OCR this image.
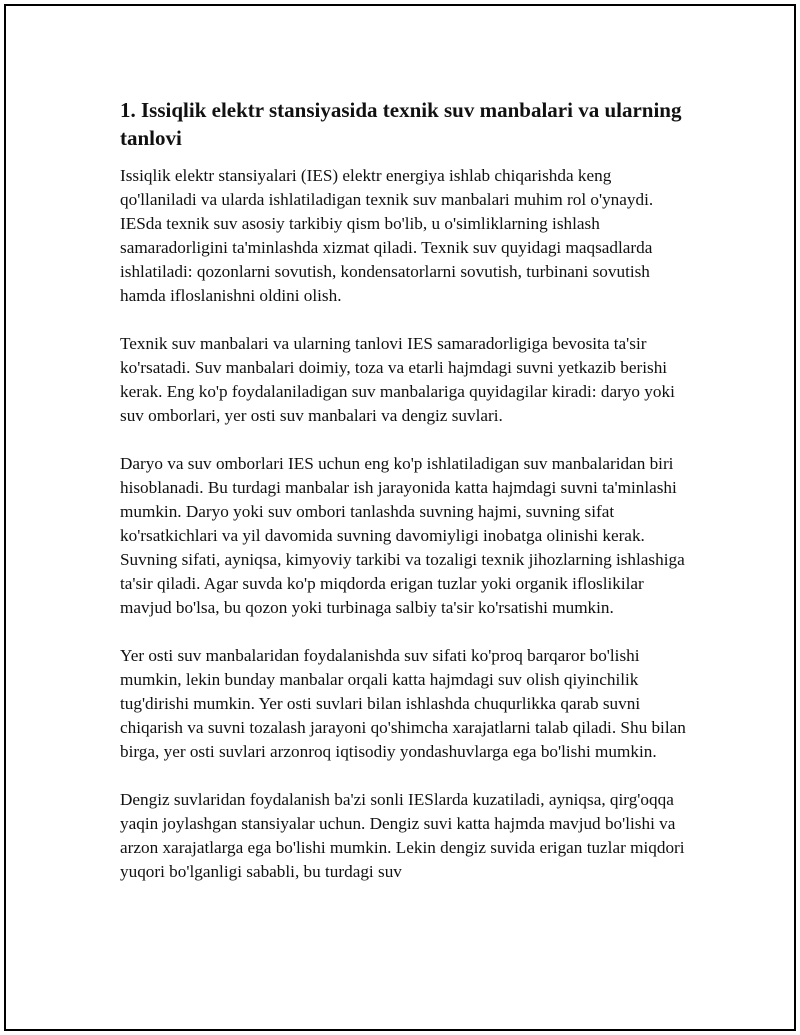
1. Issiqlik elektr stansiyasida texnik suv manbalari va ularning tanlovi

Issiqlik elektr stansiyalari (IES) elektr energiya ishlab chiqarishda keng qo'llaniladi va ularda ishlatiladigan texnik suv manbalari muhim rol o'ynaydi. IESda texnik suv asosiy tarkibiy qism bo'lib, u o'simliklarning ishlash samaradorligini ta'minlashda xizmat qiladi. Texnik suv quyidagi maqsadlarda ishlatiladi: qozonlarni sovutish, kondensatorlarni sovutish, turbinani sovutish hamda ifloslanishni oldini olish.

Texnik suv manbalari va ularning tanlovi IES samaradorligiga bevosita ta'sir ko'rsatadi. Suv manbalari doimiy, toza va etarli hajmdagi suvni yetkazib berishi kerak. Eng ko'p foydalaniladigan suv manbalariga quyidagilar kiradi: daryo yoki suv omborlari, yer osti suv manbalari va dengiz suvlari.

Daryo va suv omborlari IES uchun eng ko'p ishlatiladigan suv manbalaridan biri hisoblanadi. Bu turdagi manbalar ish jarayonida katta hajmdagi suvni ta'minlashi mumkin. Daryo yoki suv ombori tanlashda suvning hajmi, suvning sifat ko'rsatkichlari va yil davomida suvning davomiyligi inobatga olinishi kerak. Suvning sifati, ayniqsa, kimyoviy tarkibi va tozaligi texnik jihozlarning ishlashiga ta'sir qiladi. Agar suvda ko'p miqdorda erigan tuzlar yoki organik ifloslikilar mavjud bo'lsa, bu qozon yoki turbinaga salbiy ta'sir ko'rsatishi mumkin.

Yer osti suv manbalaridan foydalanishda suv sifati ko'proq barqaror bo'lishi mumkin, lekin bunday manbalar orqali katta hajmdagi suv olish qiyinchilik tug'dirishi mumkin. Yer osti suvlari bilan ishlashda chuqurlikka qarab suvni chiqarish va suvni tozalash jarayoni qo'shimcha xarajatlarni talab qiladi. Shu bilan birga, yer osti suvlari arzonroq iqtisodiy yondashuvlarga ega bo'lishi mumkin.

Dengiz suvlaridan foydalanish ba'zi sonli IESlarda kuzatiladi, ayniqsa, qirg'oqqa yaqin joylashgan stansiyalar uchun. Dengiz suvi katta hajmda mavjud bo'lishi va arzon xarajatlarga ega bo'lishi mumkin. Lekin dengiz suvida erigan tuzlar miqdori yuqori bo'lganligi sababli, bu turdagi suv
